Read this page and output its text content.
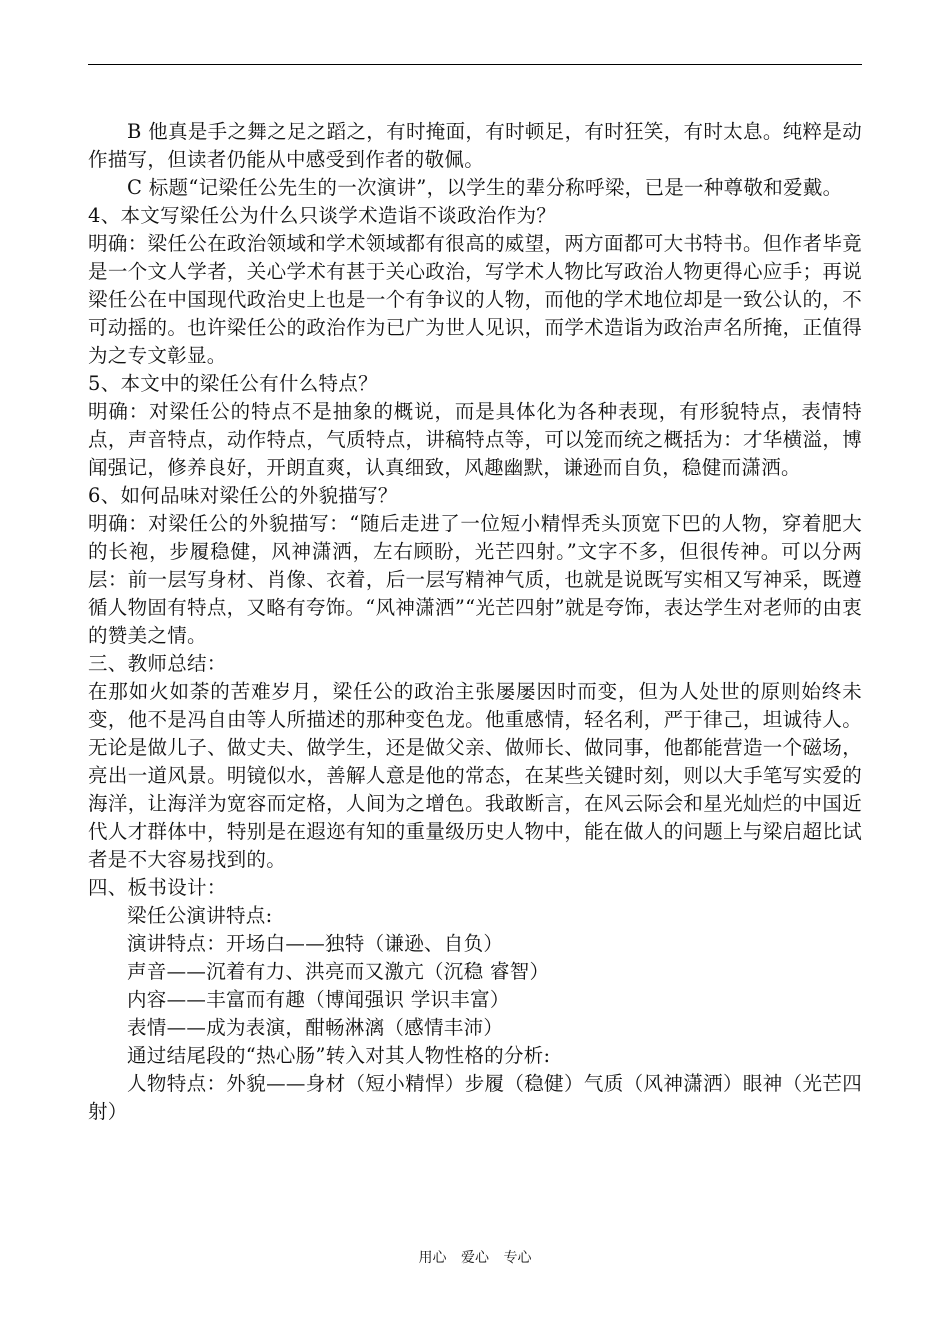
B 他真是手之舞之足之蹈之，有时掩面，有时顿足，有时狂笑，有时太息。纯粹是动作描写，但读者仍能从中感受到作者的敬佩。

C 标题“记梁任公先生的一次演讲”，以学生的辈分称呼梁，已是一种尊敬和爱戴。

4、本文写梁任公为什么只谈学术造诣不谈政治作为？

明确：梁任公在政治领域和学术领域都有很高的威望，两方面都可大书特书。但作者毕竟是一个文人学者，关心学术有甚于关心政治，写学术人物比写政治人物更得心应手；再说梁任公在中国现代政治史上也是一个有争议的人物，而他的学术地位却是一致公认的，不可动摇的。也许梁任公的政治作为已广为世人见识，而学术造诣为政治声名所掩，正值得为之专文彰显。

5、本文中的梁任公有什么特点？

明确：对梁任公的特点不是抽象的概说，而是具体化为各种表现，有形貌特点，表情特点，声音特点，动作特点，气质特点，讲稿特点等，可以笼而统之概括为：才华横溢，博闻强记，修养良好，开朗直爽，认真细致，风趣幽默，谦逊而自负，稳健而潇洒。

6、如何品味对梁任公的外貌描写？

明确：对梁任公的外貌描写：“随后走进了一位短小精悍秃头顶宽下巴的人物，穿着肥大的长袍，步履稳健，风神潇洒，左右顾盼，光芒四射。”文字不多，但很传神。可以分两层：前一层写身材、肖像、衣着，后一层写精神气质，也就是说既写实相又写神采，既遵循人物固有特点，又略有夸饰。“风神潇洒”“光芒四射”就是夸饰，表达学生对老师的由衷的赞美之情。

三、教师总结：

在那如火如荼的苦难岁月，梁任公的政治主张屡屡因时而变，但为人处世的原则始终未变，他不是冯自由等人所描述的那种变色龙。他重感情，轻名利，严于律己，坦诚待人。无论是做儿子、做丈夫、做学生，还是做父亲、做师长、做同事，他都能营造一个磁场，亮出一道风景。明镜似水，善解人意是他的常态，在某些关键时刻，则以大手笔写实爱的海洋，让海洋为宽容而定格，人间为之增色。我敢断言，在风云际会和星光灿烂的中国近代人才群体中，特别是在遐迩有知的重量级历史人物中，能在做人的问题上与梁启超比试者是不大容易找到的。

四、板书设计：

梁任公演讲特点:

演讲特点：开场白——独特（谦逊、自负）

声音——沉着有力、洪亮而又激亢（沉稳 睿智）

内容——丰富而有趣（博闻强识 学识丰富）

表情——成为表演，酣畅淋漓（感情丰沛）

通过结尾段的“热心肠”转入对其人物性格的分析:

人物特点：外貌——身材（短小精悍）步履（稳健）气质（风神潇洒）眼神（光芒四射）

用心 爱心 专心
